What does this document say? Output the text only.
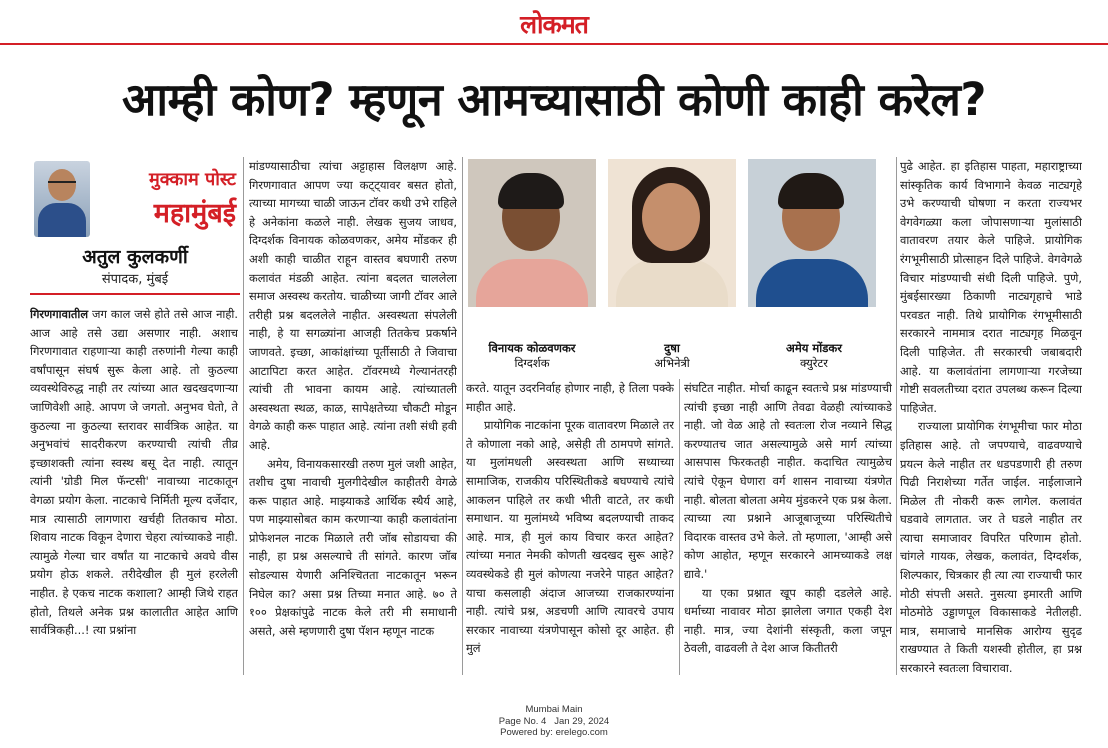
लोकमत
आम्ही कोण? म्हणून आमच्यासाठी कोणी काही करेल?
मुक्काम पोस्ट
महामुंबई
अतुल कुलकर्णी
संपादक, मुंबई

गिरणगावातील जग काल जसे होते तसे आज नाही. आज आहे तसे उद्या असणार नाही. अशाच गिरणगावात राहणाऱ्या काही तरुणांनी गेल्या काही वर्षांपासून संघर्ष सुरू केला आहे. तो कुठल्या व्यवस्थेविरुद्ध नाही तर त्यांच्या आत खदखदणाऱ्या जाणिवेशी आहे. आपण जे जगतो. अनुभव घेतो, ते कुठल्या ना कुठल्या स्तरावर सार्वत्रिक आहेत. या अनुभवांचं सादरीकरण करण्याची त्यांची तीव्र इच्छाशक्ती त्यांना स्वस्थ बसू देत नाही. त्यातून त्यांनी 'ग्रोडी मिल फॅन्टसी' नावाच्या नाटकातून वेगळा प्रयोग केला. नाटकाचे निर्मिती मूल्य दर्जेदार, मात्र त्यासाठी लागणारा खर्चही तितकाच मोठा. शिवाय नाटक विकून देणारा चेहरा त्यांच्याकडे नाही. त्यामुळे गेल्या चार वर्षांत या नाटकाचे अवघे वीस प्रयोग होऊ शकले. तरीदेखील ही मुलं हरलेली नाहीत. हे एकच नाटक कशाला? आम्ही जिथे राहत होतो, तिथले अनेक प्रश्न कालातीत आहेत आणि सार्वत्रिकही...! त्या प्रश्नांना

मांडण्यासाठीचा त्यांचा अट्टाहास विलक्षण आहे. गिरणगावात आपण ज्या कट्ट्यावर बसत होतो, त्याच्या मागच्या चाळी जाऊन टॉवर कधी उभे राहिले हे अनेकांना कळले नाही. लेखक सुजय जाधव, दिग्दर्शक विनायक कोळवणकर, अमेय मोंडकर ही अशी काही चाळीत राहून वास्तव बघणारी तरुण कलावंत मंडळी आहेत. त्यांना बदलत चाललेला समाज अस्वस्थ करतोय. चाळीच्या जागी टॉवर आले तरीही प्रश्न बदललेले नाहीत. अस्वस्थता संपलेली नाही, हे या सगळ्यांना आजही तितकेच प्रकर्षाने जाणवते. इच्छा, आकांक्षांच्या पूर्तीसाठी ते जिवाचा आटापिटा करत आहेत. टॉवरमध्ये गेल्यानंतरही त्यांची ती भावना कायम आहे. त्यांच्यातली अस्वस्थता स्थळ, काळ, सापेक्षतेच्या चौकटी मोडून वेगळे काही करू पाहात आहे. त्यांना तशी संधी हवी आहे.

अमेय, विनायकसारखी तरुण मुलं जशी आहेत, तशीच दुषा नावाची मुलगीदेखील काहीतरी वेगळे करू पाहात आहे. माझ्याकडे आर्थिक स्थैर्य आहे, पण माझ्यासोबत काम करणाऱ्या काही कलावंतांना प्रोफेशनल नाटक मिळाले तरी जॉब सोडायचा की नाही, हा प्रश्न असल्याचे ती सांगते. कारण जॉब सोडल्यास येणारी अनिश्चितता नाटकातून भरून निघेल का? असा प्रश्न तिच्या मनात आहे. ७० ते १०० प्रेक्षकांपुढे नाटक केले तरी मी समाधानी असते, असे म्हणणारी दुषा पॅशन म्हणून नाटक

विनायक कोळवणकर
दिग्दर्शक
दुषा
अभिनेत्री
अमेय मोंडकर
क्युरेटर

करते. यातून उदरनिर्वाह होणार नाही, हे तिला पक्के माहीत आहे.

प्रायोगिक नाटकांना पूरक वातावरण मिळाले तर ते कोणाला नको आहे, असेही ती ठामपणे सांगते. या मुलांमधली अस्वस्थता आणि सध्याच्या सामाजिक, राजकीय परिस्थितीकडे बघण्याचे त्यांचे आकलन पाहिले तर कधी भीती वाटते, तर कधी समाधान. या मुलांमध्ये भविष्य बदलण्याची ताकद आहे. मात्र, ही मुलं काय विचार करत आहेत? त्यांच्या मनात नेमकी कोणती खदखद सुरू आहे? व्यवस्थेकडे ही मुलं कोणत्या नजरेने पाहत आहेत? याचा कसलाही अंदाज आजच्या राजकारण्यांना नाही. त्यांचे प्रश्न, अडचणी आणि त्यावरचे उपाय सरकार नावाच्या यंत्रणेपासून कोसो दूर आहेत. ही मुलं

संघटित नाहीत. मोर्चा काढून स्वतःचे प्रश्न मांडण्याची त्यांची इच्छा नाही आणि तेवढा वेळही त्यांच्याकडे नाही. जो वेळ आहे तो स्वतःला रोज नव्याने सिद्ध करण्यातच जात असल्यामुळे असे मार्ग त्यांच्या आसपास फिरकतही नाहीत. कदाचित त्यामुळेच त्यांचे ऐकून घेणारा वर्ग शासन नावाच्या यंत्रणेत नाही. बोलता बोलता अमेय मुंडकरने एक प्रश्न केला. त्याच्या त्या प्रश्नाने आजूबाजूच्या परिस्थितीचे विदारक वास्तव उभे केले. तो म्हणाला, 'आम्ही असे कोण आहोत, म्हणून सरकारने आमच्याकडे लक्ष द्यावे.'

या एका प्रश्नात खूप काही दडलेले आहे. धर्माच्या नावावर मोठा झालेला जगात एकही देश नाही. मात्र, ज्या देशांनी संस्कृती, कला जपून ठेवली, वाढवली ते देश आज कितीतरी

पुढे आहेत. हा इतिहास पाहता, महाराष्ट्राच्या सांस्कृतिक कार्य विभागाने केवळ नाट्यगृहे उभे करण्याची घोषणा न करता राज्यभर वेगवेगळ्या कला जोपासणाऱ्या मुलांसाठी वातावरण तयार केले पाहिजे. प्रायोगिक रंगभूमीसाठी प्रोत्साहन दिले पाहिजे. वेगवेगळे विचार मांडण्याची संधी दिली पाहिजे. पुणे, मुंबईसारख्या ठिकाणी नाट्यगृहाचे भाडे परवडत नाही. तिथे प्रायोगिक रंगभूमीसाठी सरकारने नाममात्र दरात नाट्यगृह मिळवून दिली पाहिजेत. ती सरकारची जबाबदारी आहे. या कलावंतांना लागणाऱ्या गरजेच्या गोष्टी सवलतीच्या दरात उपलब्ध करून दिल्या पाहिजेत.

राज्याला प्रायोगिक रंगभूमीचा फार मोठा इतिहास आहे. तो जपण्याचे, वाढवण्याचे प्रयत्न केले नाहीत तर धडपडणारी ही तरुण पिढी निराशेच्या गर्तेत जाईल. नाईलाजाने मिळेल ती नोकरी करू लागेल. कलावंत घडवावे लागतात. जर ते घडले नाहीत तर त्याचा समाजावर विपरित परिणाम होतो. चांगले गायक, लेखक, कलावंत, दिग्दर्शक, शिल्पकार, चित्रकार ही त्या त्या राज्याची फार मोठी संपत्ती असते. नुसत्या इमारती आणि मोठमोठे उड्डाणपूल विकासाकडे नेतीलही. मात्र, समाजाचे मानसिक आरोग्य सुदृढ राखण्यात ते किती यशस्वी होतील, हा प्रश्न सरकारने स्वतःला विचारावा.

Mumbai Main
Page No. 4 Jan 29, 2024
Powered by: erelego.com
